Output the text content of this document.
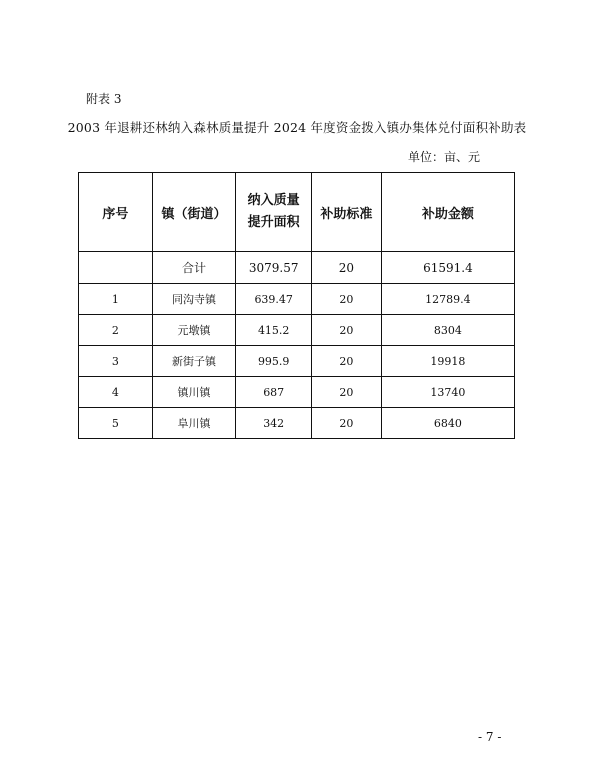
附表 3
2003 年退耕还林纳入森林质量提升 2024 年度资金拨入镇办集体兑付面积补助表
单位：亩、元
序号	镇（街道）	纳入质量提升面积	补助标准	补助金额
	合计	3079.57	20	61591.4
1	同沟寺镇	639.47	20	12789.4
2	元墩镇	415.2	20	8304
3	新街子镇	995.9	20	19918
4	镇川镇	687	20	13740
5	阜川镇	342	20	6840
- 7 -
